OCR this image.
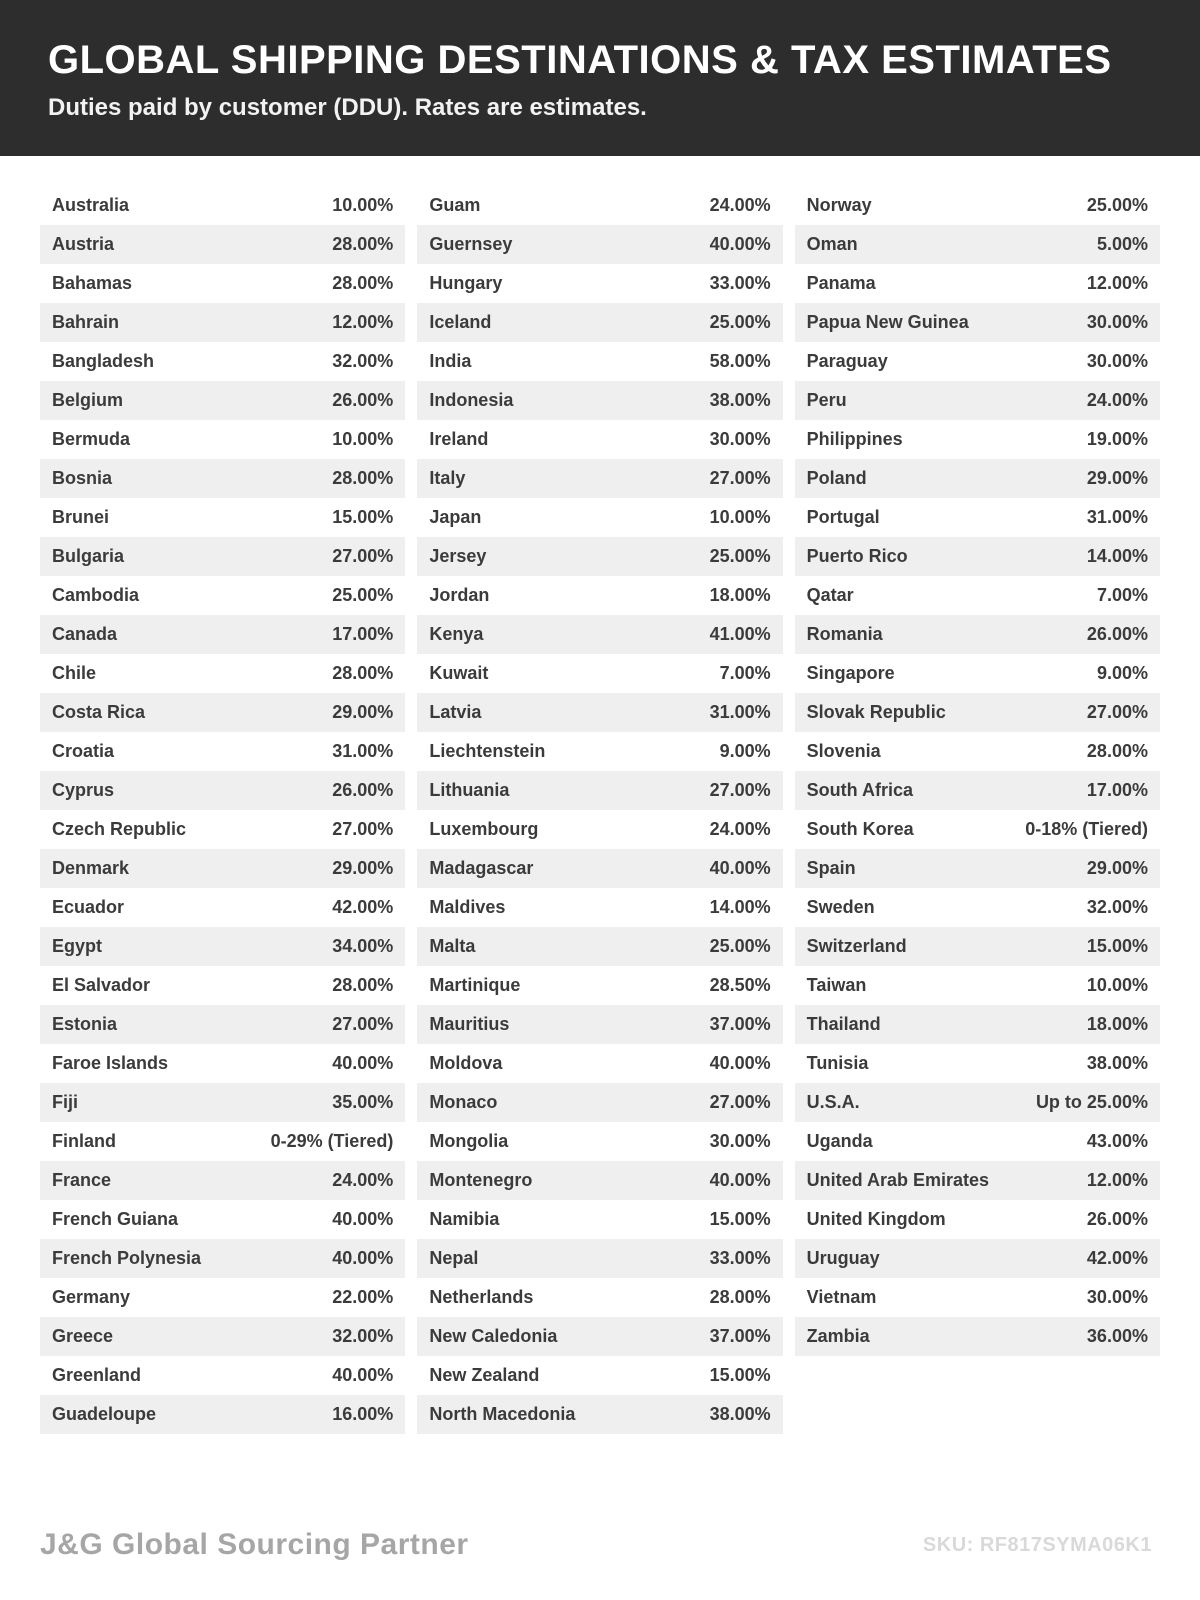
GLOBAL SHIPPING DESTINATIONS & TAX ESTIMATES
Duties paid by customer (DDU). Rates are estimates.
Australia	10.00%
Austria	28.00%
Bahamas	28.00%
Bahrain	12.00%
Bangladesh	32.00%
Belgium	26.00%
Bermuda	10.00%
Bosnia	28.00%
Brunei	15.00%
Bulgaria	27.00%
Cambodia	25.00%
Canada	17.00%
Chile	28.00%
Costa Rica	29.00%
Croatia	31.00%
Cyprus	26.00%
Czech Republic	27.00%
Denmark	29.00%
Ecuador	42.00%
Egypt	34.00%
El Salvador	28.00%
Estonia	27.00%
Faroe Islands	40.00%
Fiji	35.00%
Finland	0-29% (Tiered)
France	24.00%
French Guiana	40.00%
French Polynesia	40.00%
Germany	22.00%
Greece	32.00%
Greenland	40.00%
Guadeloupe	16.00%
Guam	24.00%
Guernsey	40.00%
Hungary	33.00%
Iceland	25.00%
India	58.00%
Indonesia	38.00%
Ireland	30.00%
Italy	27.00%
Japan	10.00%
Jersey	25.00%
Jordan	18.00%
Kenya	41.00%
Kuwait	7.00%
Latvia	31.00%
Liechtenstein	9.00%
Lithuania	27.00%
Luxembourg	24.00%
Madagascar	40.00%
Maldives	14.00%
Malta	25.00%
Martinique	28.50%
Mauritius	37.00%
Moldova	40.00%
Monaco	27.00%
Mongolia	30.00%
Montenegro	40.00%
Namibia	15.00%
Nepal	33.00%
Netherlands	28.00%
New Caledonia	37.00%
New Zealand	15.00%
North Macedonia	38.00%
Norway	25.00%
Oman	5.00%
Panama	12.00%
Papua New Guinea	30.00%
Paraguay	30.00%
Peru	24.00%
Philippines	19.00%
Poland	29.00%
Portugal	31.00%
Puerto Rico	14.00%
Qatar	7.00%
Romania	26.00%
Singapore	9.00%
Slovak Republic	27.00%
Slovenia	28.00%
South Africa	17.00%
South Korea	0-18% (Tiered)
Spain	29.00%
Sweden	32.00%
Switzerland	15.00%
Taiwan	10.00%
Thailand	18.00%
Tunisia	38.00%
U.S.A.	Up to 25.00%
Uganda	43.00%
United Arab Emirates	12.00%
United Kingdom	26.00%
Uruguay	42.00%
Vietnam	30.00%
Zambia	36.00%
J&G Global Sourcing Partner	SKU: RF817SYMA06K1
